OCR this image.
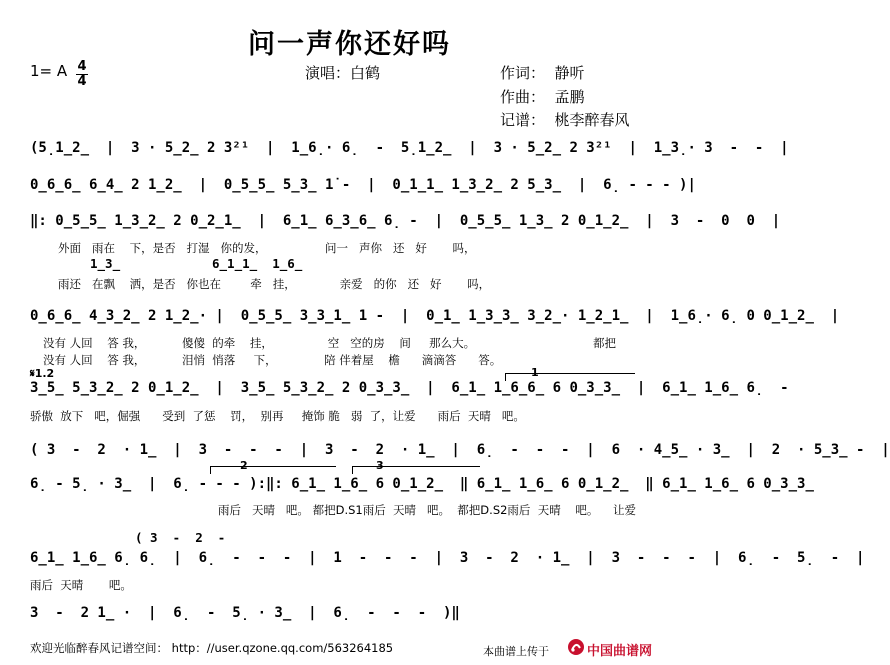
问一声你还好吗
1= A 4
4	演唱：白鹤	作词：  静听
作曲：  孟鹏
记谱：  桃李醉春风
(5̣1̲2̲  |  3 · 5̲2̲ 2 3²¹  |  1̲6̣· 6̣  -  5̣1̲2̲  |  3 · 5̲2̲ 2 3²¹  |  1̲3̣· 3  -  -  |
0̲6̲6̲ 6̲4̲ 2 1̲2̲  |  0̲5̲5̲ 5̲3̲ 1̇ -  |  0̲1̲1̲ 1̲3̲2̲ 2 5̲3̲  |  6̣ - - - )|
‖: 0̲5̲5̲ 1̲3̲2̲ 2 0̲2̲1̲  |  6̲1̲ 6̲3̲6̲ 6̣ -  |  0̲5̲5̲ 1̲3̲ 2 0̲1̲2̲  |  3  -  0  0  |
外面   雨在    下，是否   打湿   你的发，                问一   声你   还   好       吗，
1̲3̲	6̲1̲1̲  1̲6̲
雨还   在飘    洒，是否   你也在        牵   挂，            亲爱   的你   还   好       吗，
0̲6̲6̲ 4̲3̲2̲ 2 1̲2̲· |  0̲5̲5̲ 3̲3̲1̲ 1 -  |  0̲1̲ 1̲3̲3̲ 3̲2̲· 1̲2̲1̲  |  1̲6̣· 6̣ 0 0̲1̲2̲  |
没有 人回    答 我，          傻傻  的牵    挂，               空   空的房    间     那么大。	都把
没有 人回    答 我，          泪悄  悄落     下，             陪 伴着屋    檐      滴滴答      答。
𝄋1.2	1
3̲5̲ 5̲3̲2̲ 2 0̲1̲2̲  |  3̲5̲ 5̲3̲2̲ 2 0̲3̲3̲  |  6̲1̲ 1̲6̲6̲ 6 0̲3̲3̲  |  6̲1̲ 1̲6̲ 6̣  -
骄傲  放下   吧，倔强      受到  了惩    罚，  别再     掩饰 脆   弱  了，让爱      雨后  天晴   吧。
( 3  -  2  · 1̲  |  3  -  -  -  |  3  -  2  · 1̲  |  6̣  -  -  -  |  6  · 4̲5̲ · 3̲  |  2  · 5̲3̲ -  |
2	3
6̣ - 5̣ · 3̲  |  6̣ - - - ):‖: 6̲1̲ 1̲6̲ 6 0̲1̲2̲  ‖ 6̲1̲ 1̲6̲ 6 0̲1̲2̲  ‖ 6̲1̲ 1̲6̲ 6 0̲3̲3̲
雨后   天晴   吧。 都把D.S1雨后  天晴   吧。  都把D.S2雨后  天晴    吧。    让爱
( 3  -  2  -
6̲1̲ 1̲6̲ 6̣ 6̣  |  6̣  -  -  -  |  1  -  -  -  |  3  -  2  · 1̲  |  3  -  -  -  |  6̣  -  5̣  -  |
雨后  天晴       吧。
3  -  2 1̲ ·  |  6̣  -  5̣ · 3̲  |  6̣  -  -  -  )‖
欢迎光临醉春风记谱空间： http：//user.qzone.qq.com/563264185	本曲谱上传于	中国曲谱网
